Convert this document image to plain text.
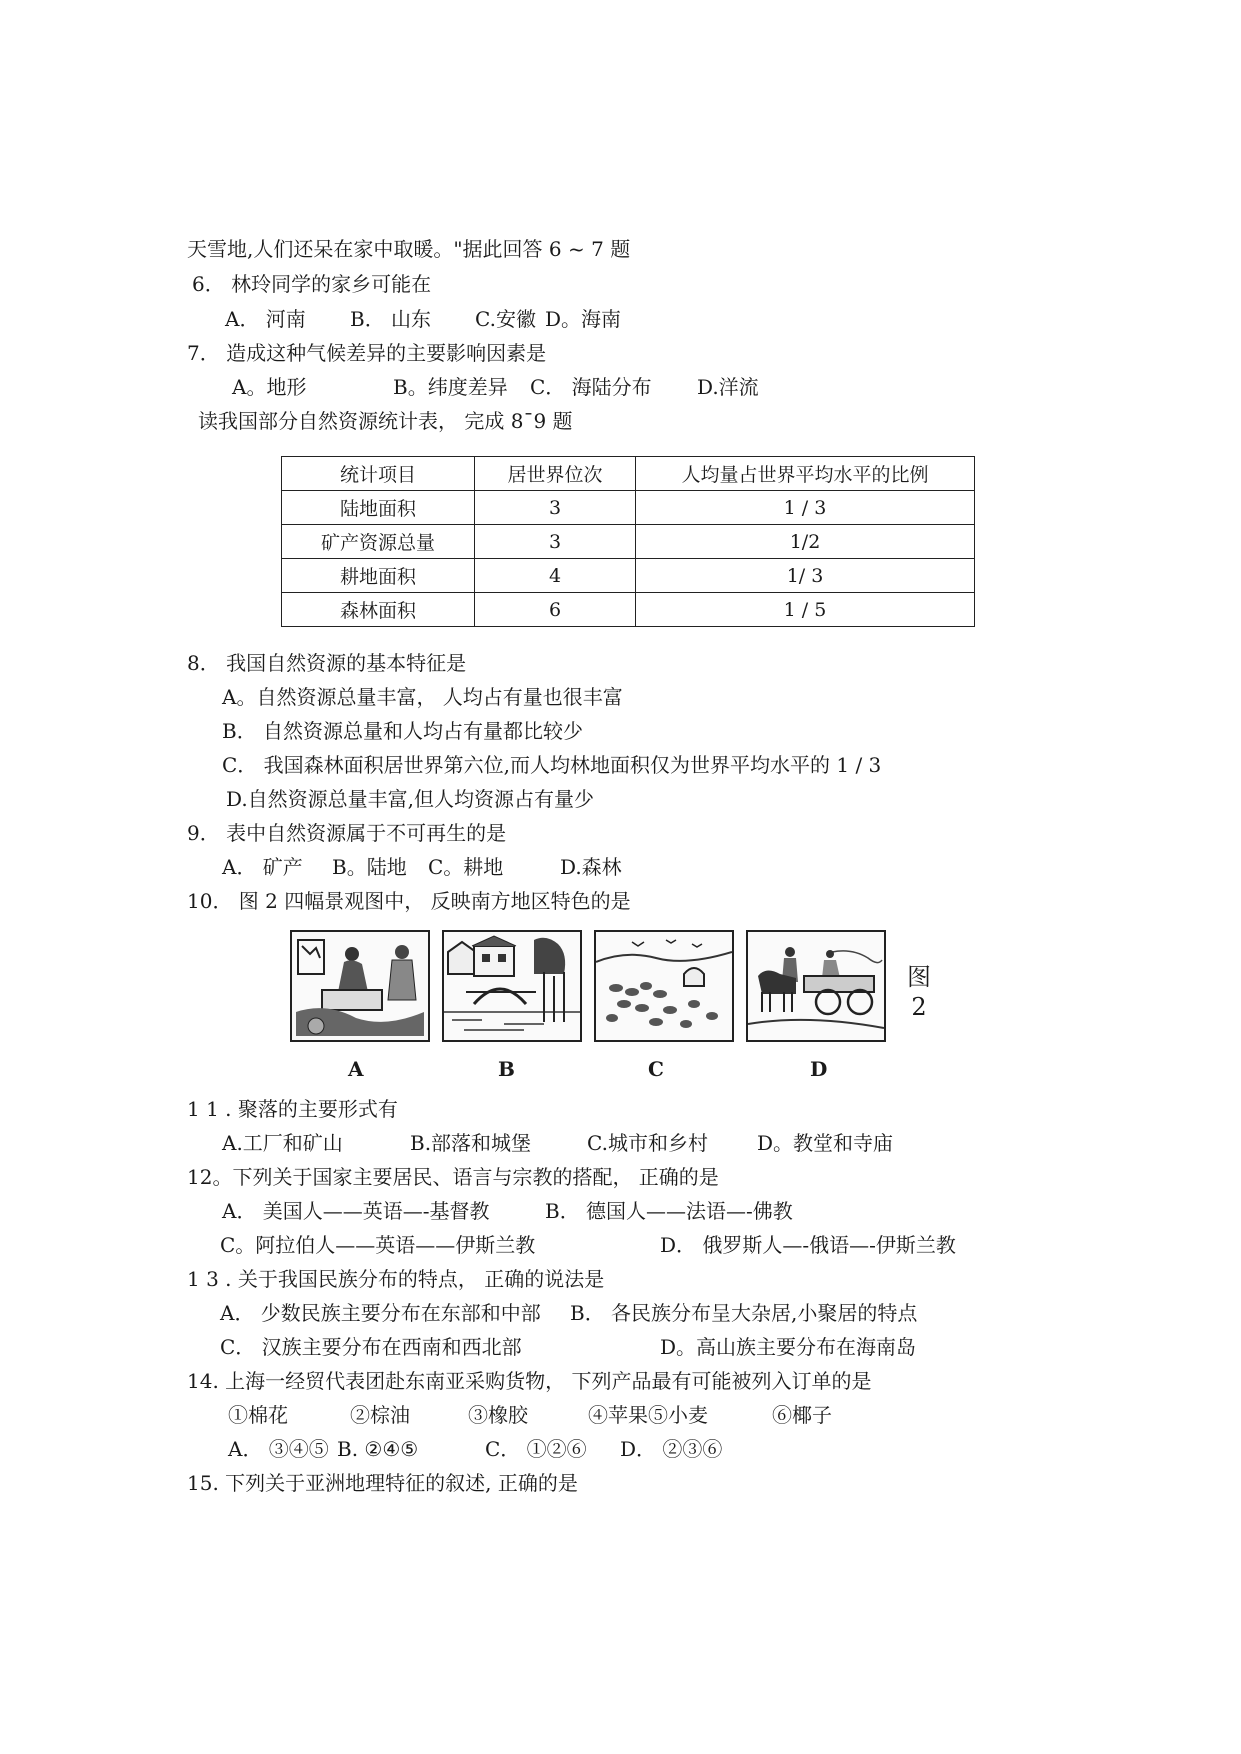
天雪地,人们还呆在家中取暖。"据此回答 6 ~ 7 题
6． 林玲同学的家乡可能在
A． 河南 B． 山东 C.安徽 D。海南
7． 造成这种气候差异的主要影响因素是
A。地形	B。纬度差异 C． 海陆分布 D.洋流
读我国部分自然资源统计表， 完成 8¯9 题
统计项目	居世界位次	人均量占世界平均水平的比例
陆地面积	3	1 / 3
矿产资源总量	3	1/2
耕地面积	4	1/ 3
森林面积	6	1 / 5
8． 我国自然资源的基本特征是
A。自然资源总量丰富， 人均占有量也很丰富
B． 自然资源总量和人均占有量都比较少
C． 我国森林面积居世界第六位,而人均林地面积仅为世界平均水平的 1 / 3
D.自然资源总量丰富,但人均资源占有量少
9． 表中自然资源属于不可再生的是
A． 矿产 B。陆地 C。耕地	D.森林
10． 图 2 四幅景观图中， 反映南方地区特色的是
图2
A	B	C	D
1 1 . 聚落的主要形式有
A.工厂和矿山	B.部落和城堡	C.城市和乡村 D。教堂和寺庙
12。下列关于国家主要居民、语言与宗教的搭配， 正确的是
A． 美国人——英语—-基督教	B． 德国人——法语—-佛教
C。阿拉伯人——英语——伊斯兰教	D． 俄罗斯人—-俄语—-伊斯兰教
1 3 . 关于我国民族分布的特点， 正确的说法是
A． 少数民族主要分布在东部和中部 B． 各民族分布呈大杂居,小聚居的特点
C． 汉族主要分布在西南和西北部	D。高山族主要分布在海南岛
14. 上海一经贸代表团赴东南亚采购货物， 下列产品最有可能被列入订单的是
①棉花	②棕油	③橡胶	④苹果⑤小麦	⑥椰子
A． ③④⑤ B. ②④⑤	C． ①②⑥ D． ②③⑥
15. 下列关于亚洲地理特征的叙述, 正确的是
